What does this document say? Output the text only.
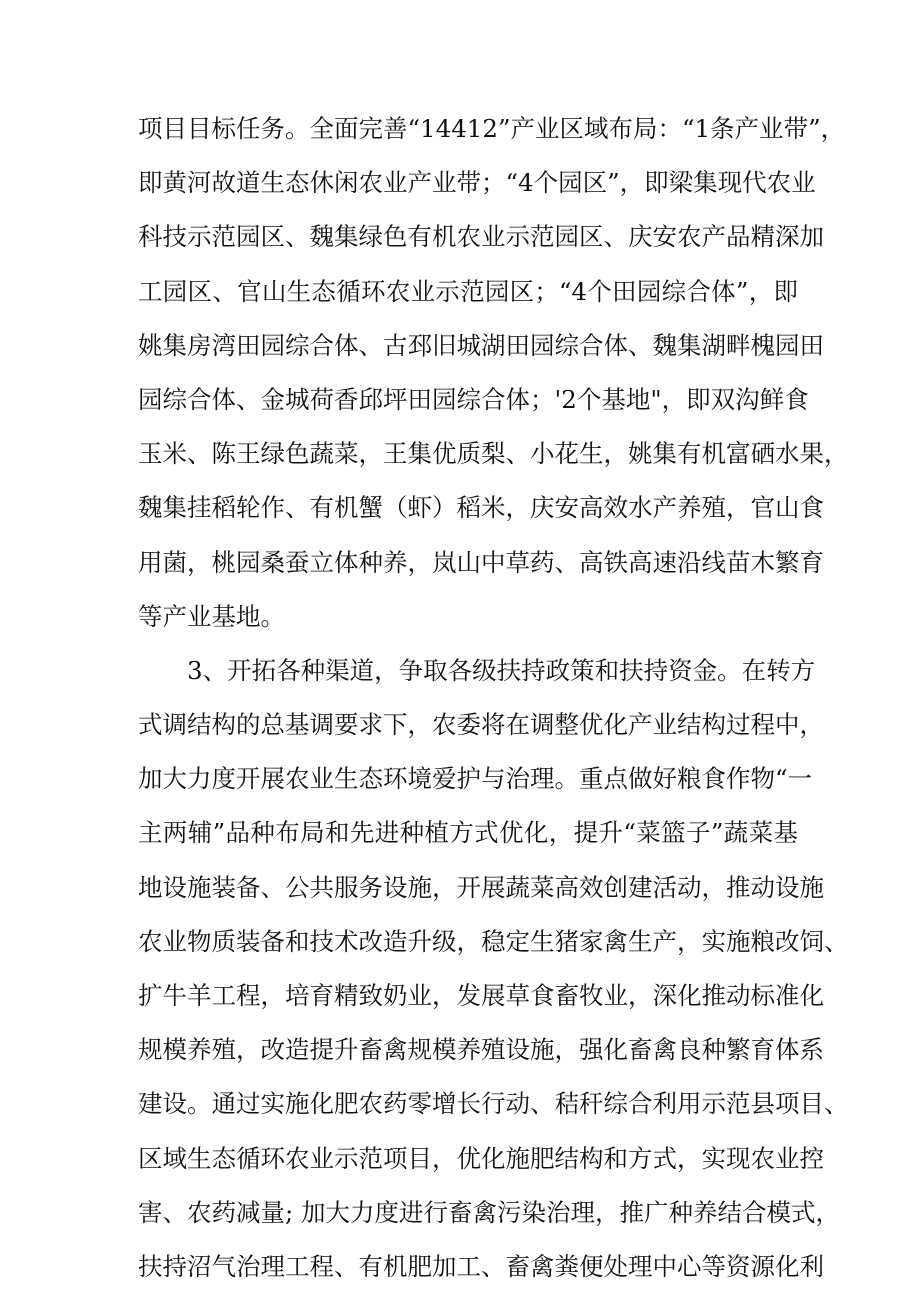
项目目标任务。全面完善“14412”产业区域布局：“1条产业带”，
即黄河故道生态休闲农业产业带；“4个园区”，即梁集现代农业
科技示范园区、魏集绿色有机农业示范园区、庆安农产品精深加
工园区、官山生态循环农业示范园区；“4个田园综合体”，即
姚集房湾田园综合体、古邳旧城湖田园综合体、魏集湖畔槐园田
园综合体、金城荷香邱坪田园综合体；'2个基地"，即双沟鲜食
玉米、陈王绿色蔬菜，王集优质梨、小花生，姚集有机富硒水果，
魏集挂稻轮作、有机蟹（虾）稻米，庆安高效水产养殖，官山食
用菌，桃园桑蚕立体种养，岚山中草药、高铁高速沿线苗木繁育
等产业基地。
3、开拓各种渠道，争取各级扶持政策和扶持资金。在转方
式调结构的总基调要求下，农委将在调整优化产业结构过程中，
加大力度开展农业生态环境爱护与治理。重点做好粮食作物“一
主两辅”品种布局和先进种植方式优化，提升“菜篮子”蔬菜基
地设施装备、公共服务设施，开展蔬菜高效创建活动，推动设施
农业物质装备和技术改造升级，稳定生猪家禽生产，实施粮改饲、
扩牛羊工程，培育精致奶业，发展草食畜牧业，深化推动标准化
规模养殖，改造提升畜禽规模养殖设施，强化畜禽良种繁育体系
建设。通过实施化肥农药零增长行动、秸秆综合利用示范县项目、
区域生态循环农业示范项目，优化施肥结构和方式，实现农业控
害、农药减量; 加大力度进行畜禽污染治理，推广种养结合模式，
扶持沼气治理工程、有机肥加工、畜禽粪便处理中心等资源化利
